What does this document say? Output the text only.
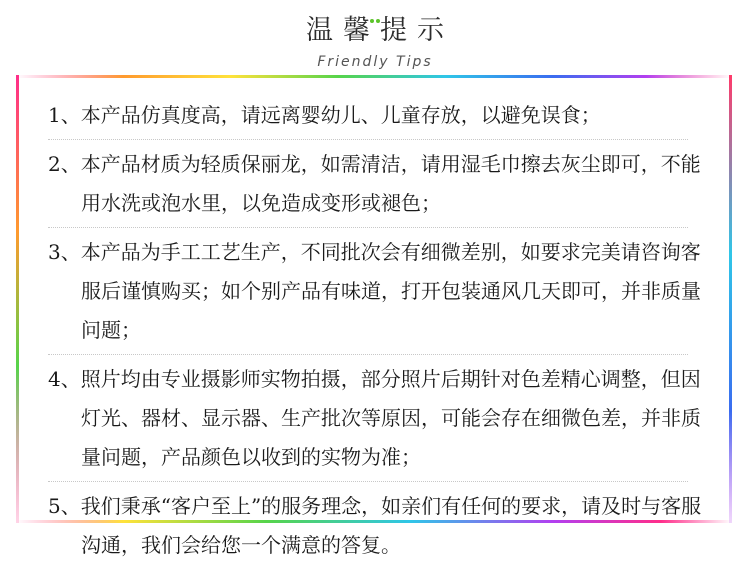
温馨提示
Friendly Tips
1、本产品仿真度高，请远离婴幼儿、儿童存放，以避免误食；
2、本产品材质为轻质保丽龙，如需清洁，请用湿毛巾擦去灰尘即可，不能用水洗或泡水里，以免造成变形或褪色；
3、本产品为手工工艺生产，不同批次会有细微差别，如要求完美请咨询客服后谨慎购买；如个别产品有味道，打开包装通风几天即可，并非质量问题；
4、照片均由专业摄影师实物拍摄，部分照片后期针对色差精心调整，但因灯光、器材、显示器、生产批次等原因，可能会存在细微色差，并非质量问题，产品颜色以收到的实物为准；
5、我们秉承“客户至上”的服务理念，如亲们有任何的要求，请及时与客服沟通，我们会给您一个满意的答复。
